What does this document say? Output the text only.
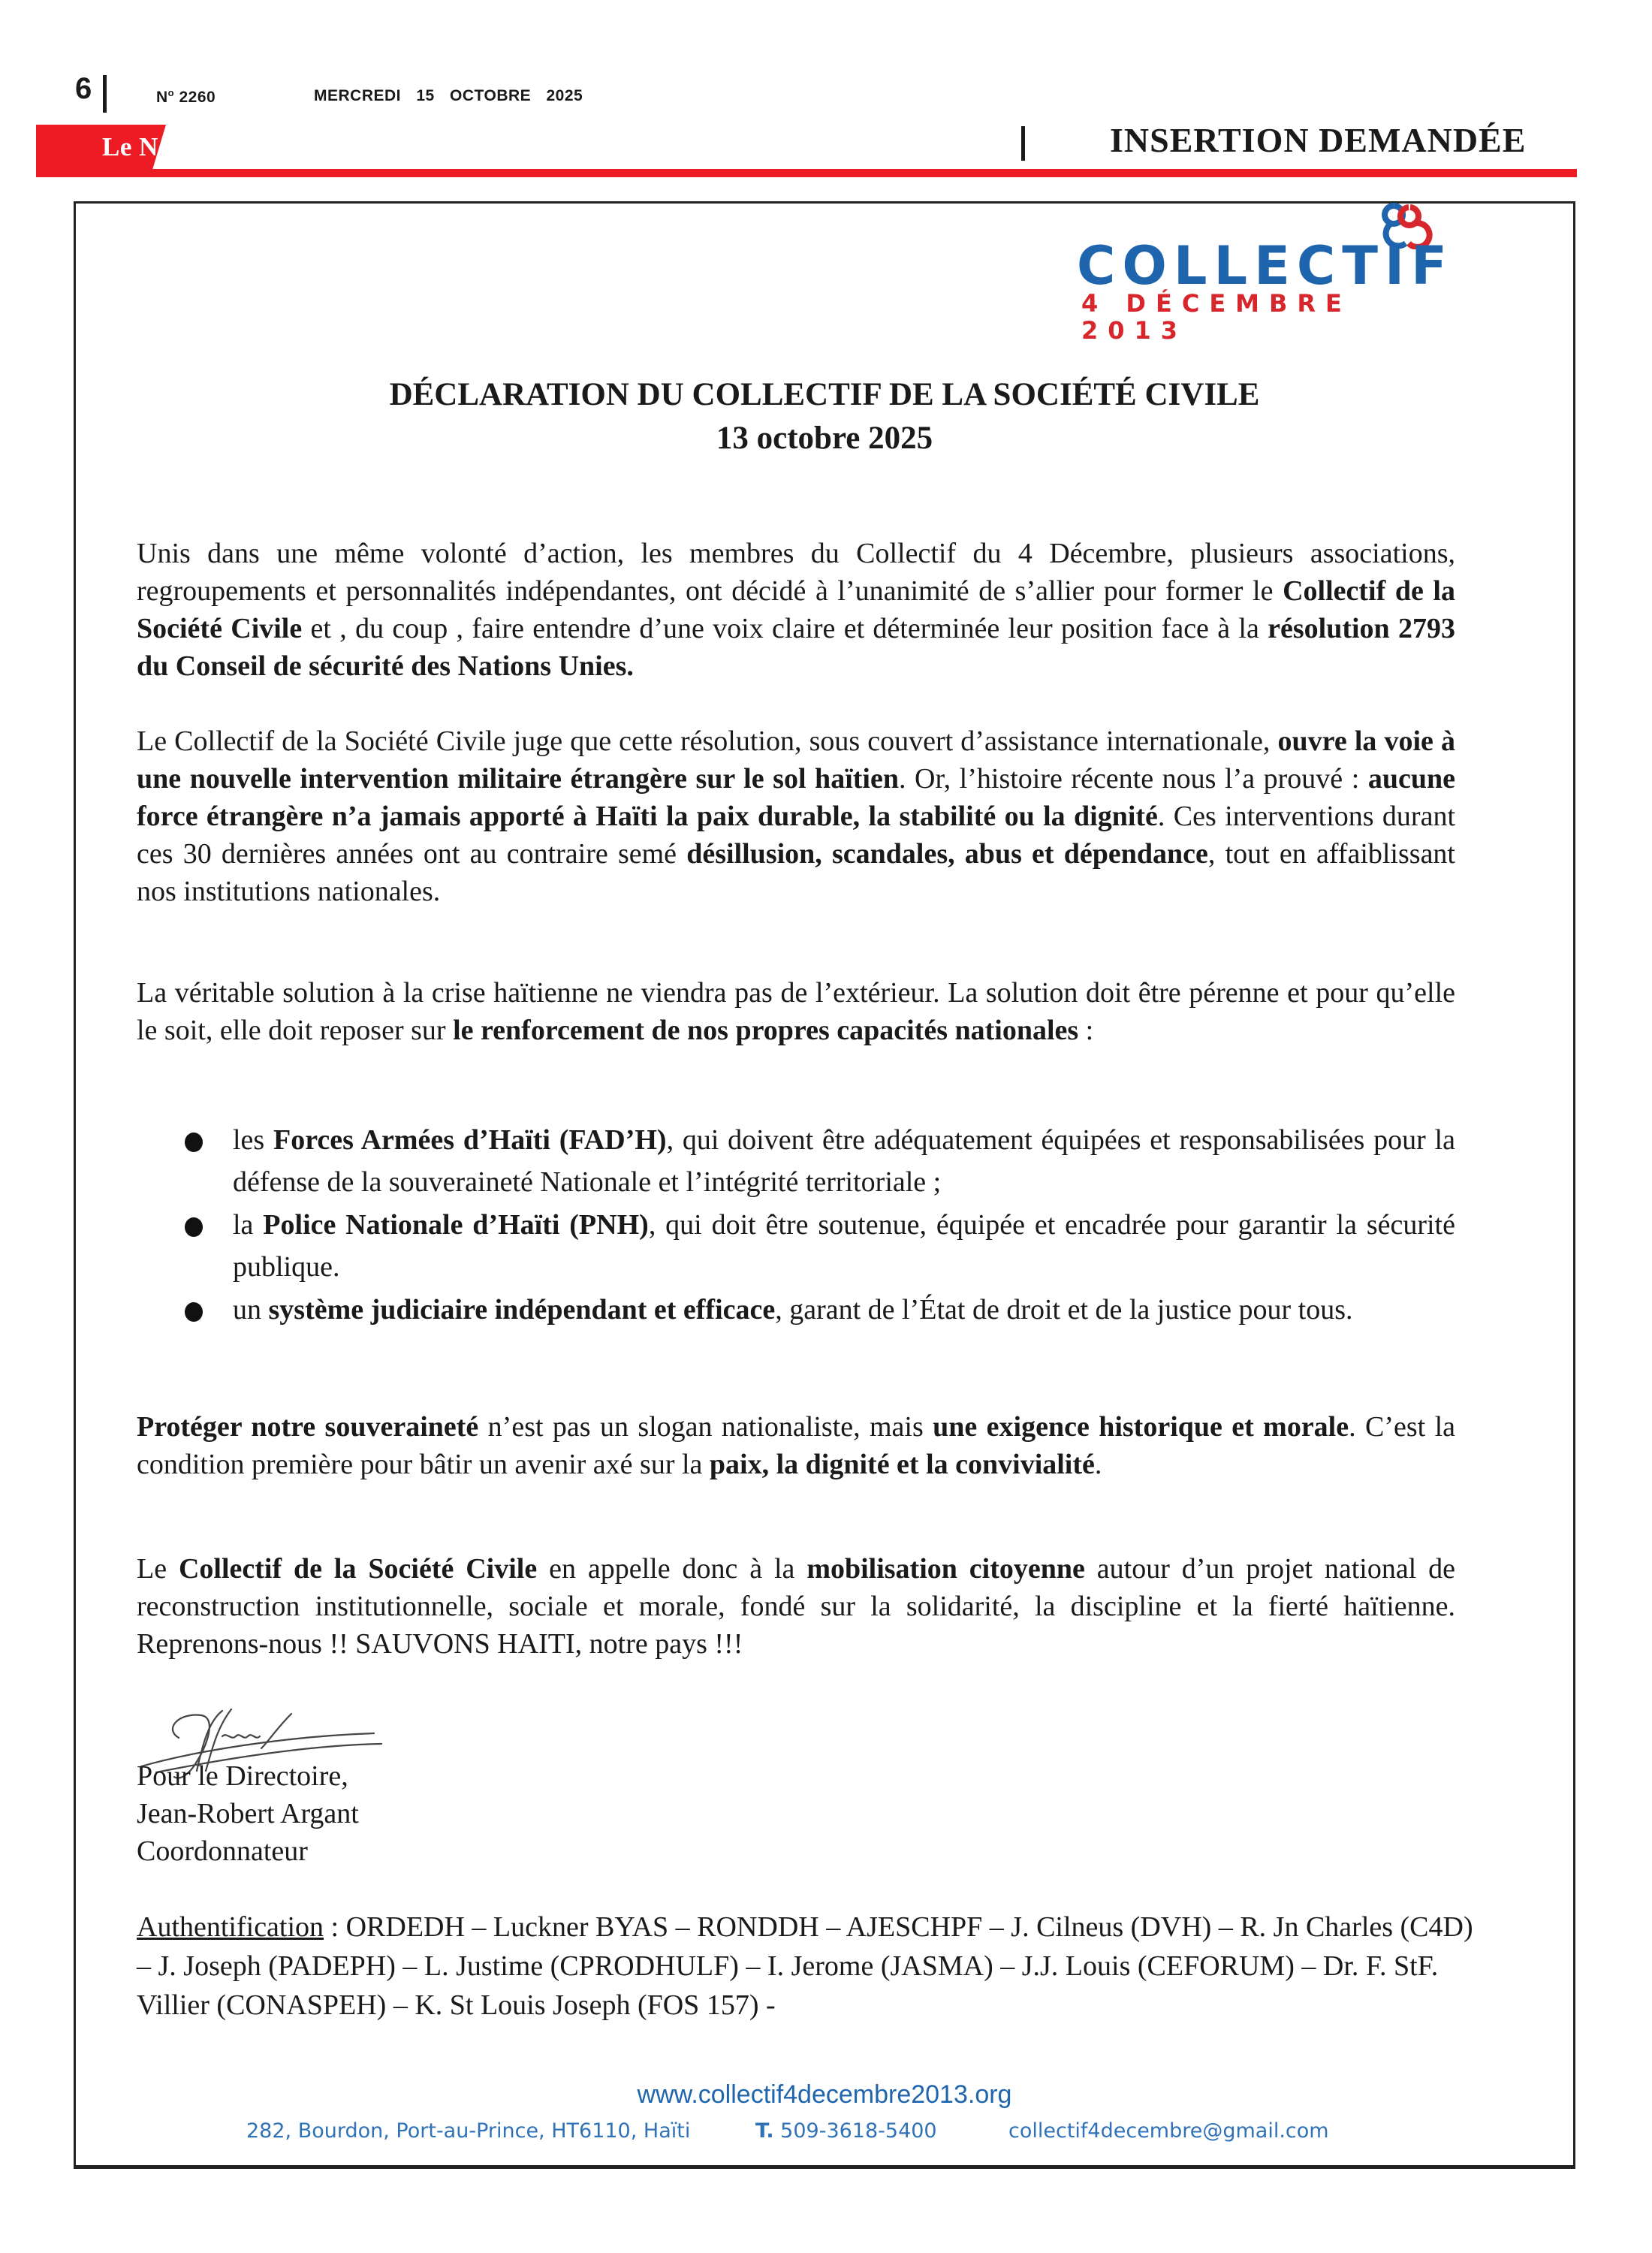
6	$N^o$ 2260	MERCREDI 15 OCTOBRE 2025
Le National	INSERTION DEMANDÉE
COLLECTIF
4 DÉCEMBRE 2013
DÉCLARATION DU COLLECTIF DE LA SOCIÉTÉ CIVILE
13 octobre 2025
Unis dans une même volonté d’action, les membres du Collectif du 4 Décembre, plusieurs associations, regroupements et personnalités indépendantes, ont décidé à l’unanimité de s’allier pour former le Collectif de la Société Civile et , du coup , faire entendre d’une voix claire et déterminée leur position face à la résolution 2793 du Conseil de sécurité des Nations Unies.
Le Collectif de la Société Civile juge que cette résolution, sous couvert d’assistance internationale, ouvre la voie à une nouvelle intervention militaire étrangère sur le sol haïtien. Or, l’histoire récente nous l’a prouvé : aucune force étrangère n’a jamais apporté à Haïti la paix durable, la stabilité ou la dignité. Ces interventions durant ces 30 dernières années ont au contraire semé désillusion, scandales, abus et dépendance, tout en affaiblissant nos institutions nationales.
La véritable solution à la crise haïtienne ne viendra pas de l’extérieur. La solution doit être pérenne et pour qu’elle le soit, elle doit reposer sur le renforcement de nos propres capacités nationales :
les Forces Armées d’Haïti (FAD’H), qui doivent être adéquatement équipées et responsabilisées pour la défense de la souveraineté Nationale et l’intégrité territoriale ;
la Police Nationale d’Haïti (PNH), qui doit être soutenue, équipée et encadrée pour garantir la sécurité publique.
un système judiciaire indépendant et efficace, garant de l’État de droit et de la justice pour tous.
Protéger notre souveraineté n’est pas un slogan nationaliste, mais une exigence historique et morale. C’est la condition première pour bâtir un avenir axé sur la paix, la dignité et la convivialité.
Le Collectif de la Société Civile en appelle donc à la mobilisation citoyenne autour d’un projet national de reconstruction institutionnelle, sociale et morale, fondé sur la solidarité, la discipline et la fierté haïtienne. Reprenons-nous !! SAUVONS HAITI, notre pays !!!
Pour le Directoire,
Jean-Robert Argant
Coordonnateur
Authentification : ORDEDH – Luckner BYAS – RONDDH – AJESCHPF – J. Cilneus (DVH) – R. Jn Charles (C4D) – J. Joseph (PADEPH) – L. Justime (CPRODHULF) – I. Jerome (JASMA) – J.J. Louis (CEFORUM) – Dr. F. StF. Villier (CONASPEH) – K. St Louis Joseph (FOS 157) -
www.collectif4decembre2013.org
282, Bourdon, Port-au-Prince, HT6110, Haïti	T. 509-3618-5400	collectif4decembre@gmail.com
